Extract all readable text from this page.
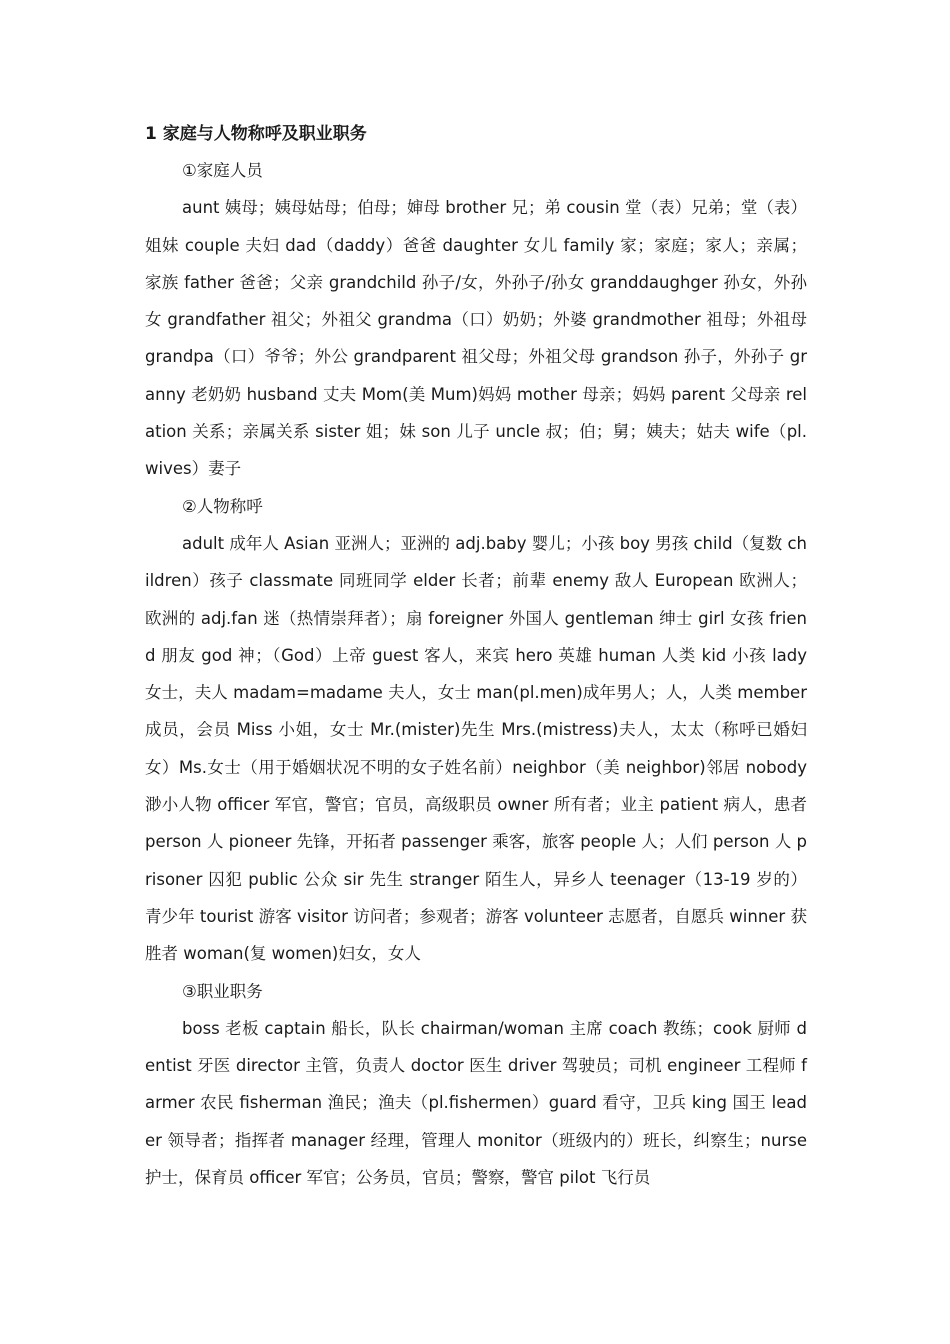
1 家庭与人物称呼及职业职务
①家庭人员
aunt 姨母；姨母姑母；伯母；婶母 brother 兄；弟 cousin 堂（表）兄弟；堂（表）姐妹 couple 夫妇 dad（daddy）爸爸 daughter 女儿 family 家；家庭；家人；亲属；家族 father 爸爸；父亲 grandchild 孙子/女，外孙子/孙女 granddaughger 孙女，外孙女 grandfather 祖父；外祖父 grandma（口）奶奶；外婆 grandmother 祖母；外祖母 grandpa（口）爷爷；外公 grandparent 祖父母；外祖父母 grandson 孙子，外孙子 granny 老奶奶 husband 丈夫 Mom(美 Mum)妈妈 mother 母亲；妈妈 parent 父母亲 relation 关系；亲属关系 sister 姐；妹 son 儿子 uncle 叔；伯；舅；姨夫；姑夫 wife（pl.wives）妻子
②人物称呼
adult 成年人 Asian 亚洲人；亚洲的 adj.baby 婴儿；小孩 boy 男孩 child（复数 children）孩子 classmate 同班同学 elder 长者；前辈 enemy 敌人 European 欧洲人；欧洲的 adj.fan 迷（热情崇拜者）；扇 foreigner 外国人 gentleman 绅士 girl 女孩 friend 朋友 god 神；（God）上帝 guest 客人，来宾 hero 英雄 human 人类 kid 小孩 lady 女士，夫人 madam=madame 夫人，女士 man(pl.men)成年男人；人，人类 member 成员，会员 Miss 小姐，女士 Mr.(mister)先生 Mrs.(mistress)夫人，太太（称呼已婚妇女）Ms.女士（用于婚姻状况不明的女子姓名前）neighbor（美 neighbor)邻居 nobody 渺小人物 officer 军官，警官；官员，高级职员 owner 所有者；业主 patient 病人，患者 person 人 pioneer 先锋，开拓者 passenger 乘客，旅客 people 人；人们 person 人 prisoner 囚犯 public 公众 sir 先生 stranger 陌生人，异乡人 teenager（13-19 岁的）青少年 tourist 游客 visitor 访问者；参观者；游客 volunteer 志愿者，自愿兵 winner 获胜者 woman(复 women)妇女，女人
③职业职务
boss 老板 captain 船长，队长 chairman/woman 主席 coach 教练；cook 厨师 dentist 牙医 director 主管，负责人 doctor 医生 driver 驾驶员；司机 engineer 工程师 farmer 农民 fisherman 渔民；渔夫（pl.fishermen）guard 看守，卫兵 king 国王 leader 领导者；指挥者 manager 经理，管理人 monitor（班级内的）班长，纠察生；nurse 护士，保育员 officer 军官；公务员，官员；警察，警官 pilot 飞行员
